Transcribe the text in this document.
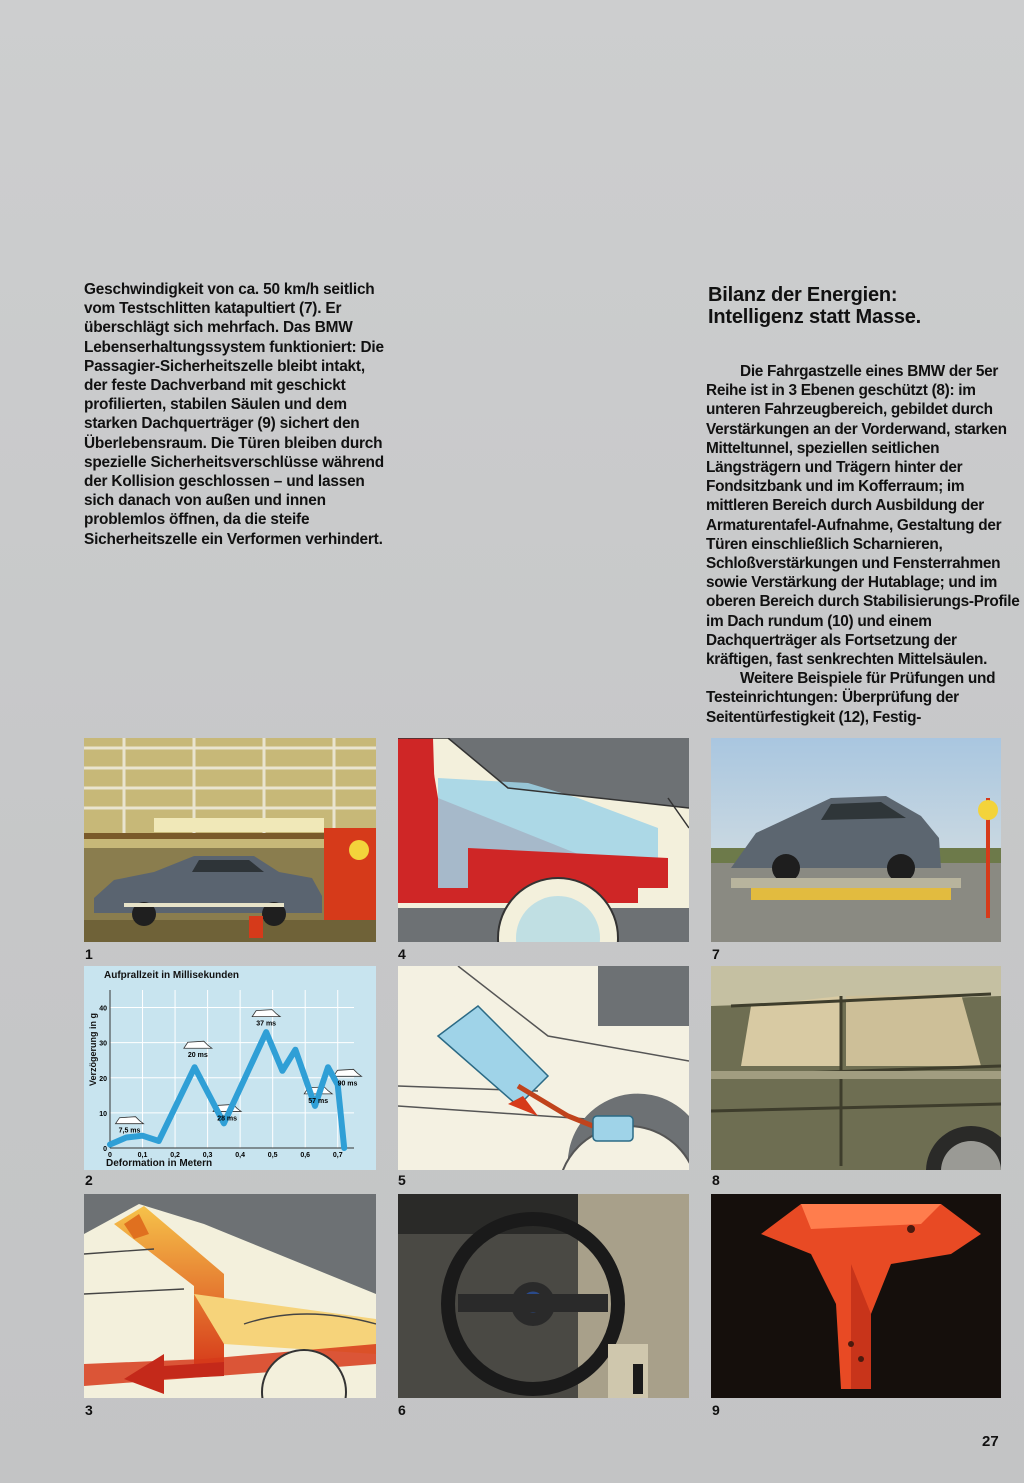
Geschwindigkeit von ca. 50 km/h seitlich vom Testschlitten katapultiert (7). Er überschlägt sich mehrfach. Das BMW Lebenserhaltungssystem funktioniert: Die Passagier-Sicherheitszelle bleibt intakt, der feste Dachverband mit geschickt profilierten, stabilen Säulen und dem starken Dachquerträger (9) sichert den Überlebensraum. Die Türen bleiben durch spezielle Sicherheitsverschlüsse während der Kollision geschlossen – und lassen sich danach von außen und innen problemlos öffnen, da die steife Sicherheitszelle ein Verformen verhindert.
Bilanz der Energien:
Intelligenz statt Masse.

Die Fahrgastzelle eines BMW der 5er Reihe ist in 3 Ebenen geschützt (8): im unteren Fahrzeugbereich, gebildet durch Verstärkungen an der Vorderwand, starken Mitteltunnel, speziellen seitlichen Längsträgern und Trägern hinter der Fondsitzbank und im Kofferraum; im mittleren Bereich durch Ausbildung der Armaturentafel-Aufnahme, Gestaltung der Türen einschließlich Scharnieren, Schloßverstärkungen und Fensterrahmen sowie Verstärkung der Hutablage; und im oberen Bereich durch Stabilisierungs-Profile im Dach rundum (10) und einem Dachquerträger als Fortsetzung der kräftigen, fast senkrechten Mittelsäulen.

Weitere Beispiele für Prüfungen und Testeinrichtungen: Überprüfung der Seitentürfestigkeit (12), Festig-

1
0	0,1	0,2	0,3	0,4	0,5	0,6	0,7
0
10
20
30
40
7,5 ms
20 ms
28 ms
37 ms
57 ms
90 ms
Aufprallzeit in Millisekunden
Deformation in Metern
Verzögerung in g
2
3
4
5
6
7
8
9
27
